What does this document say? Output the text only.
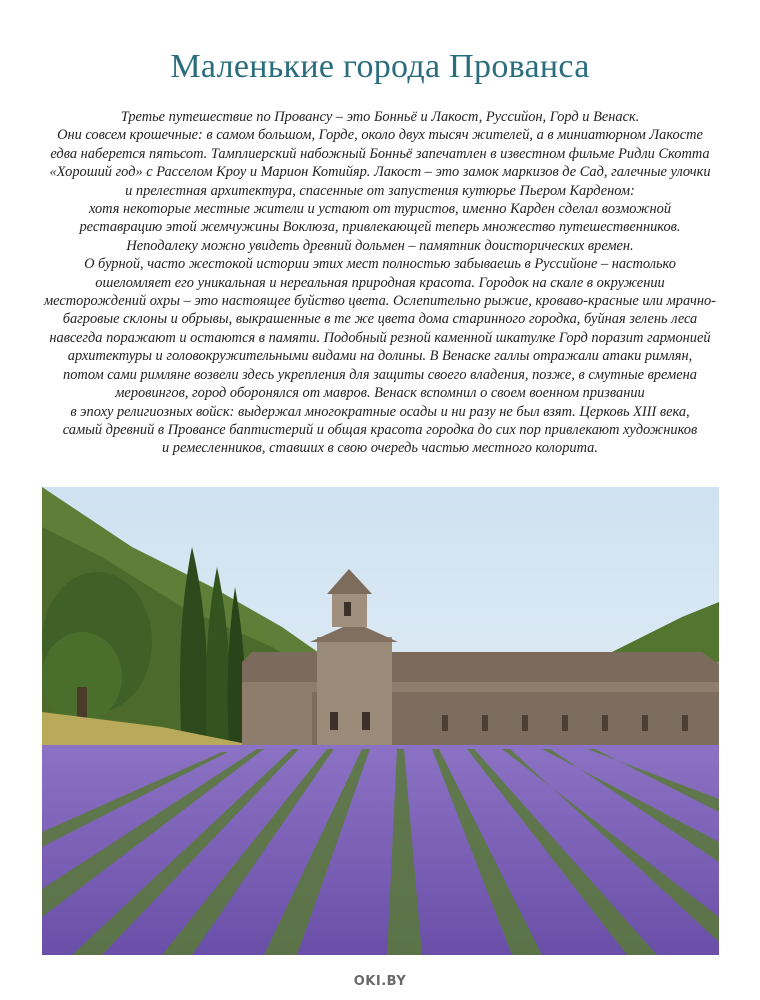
Маленькие города Прованса
Третье путешествие по Провансу – это Бонньё и Лакост, Руссийон, Горд и Венаск.
Они совсем крошечные: в самом большом, Горде, около двух тысяч жителей, а в миниатюрном Лакосте
едва наберется пятьсот. Тамплиерский набожный Бонньё запечатлен в известном фильме Ридли Скотта
«Хороший год» с Расселом Кроу и Марион Котийяр. Лакост – это замок маркизов де Сад, галечные улочки
и прелестная архитектура, спасенные от запустения кутюрье Пьером Карденом:
хотя некоторые местные жители и устают от туристов, именно Карден сделал возможной
реставрацию этой жемчужины Воклюза, привлекающей теперь множество путешественников.
Неподалеку можно увидеть древний дольмен – памятник доисторических времен.
О бурной, часто жестокой истории этих мест полностью забываешь в Руссийоне – настолько
ошеломляет его уникальная и нереальная природная красота. Городок на скале в окружении
месторождений охры – это настоящее буйство цвета. Ослепительно рыжие, кроваво-красные или мрачно-
багровые склоны и обрывы, выкрашенные в те же цвета дома старинного городка, буйная зелень леса
навсегда поражают и остаются в памяти. Подобный резной каменной шкатулке Горд поразит гармонией
архитектуры и головокружительными видами на долины. В Венаске галлы отражали атаки римлян,
потом сами римляне возвели здесь укрепления для защиты своего владения, позже, в смутные времена
меровингов, город оборонялся от мавров. Венаск вспомнил о своем военном призвании
в эпоху религиозных войск: выдержал многократные осады и ни разу не был взят. Церковь XIII века,
самый древний в Провансе баптистерий и общая красота городка до сих пор привлекают художников
и ремесленников, ставших в свою очередь частью местного колорита.
OKI.BY
